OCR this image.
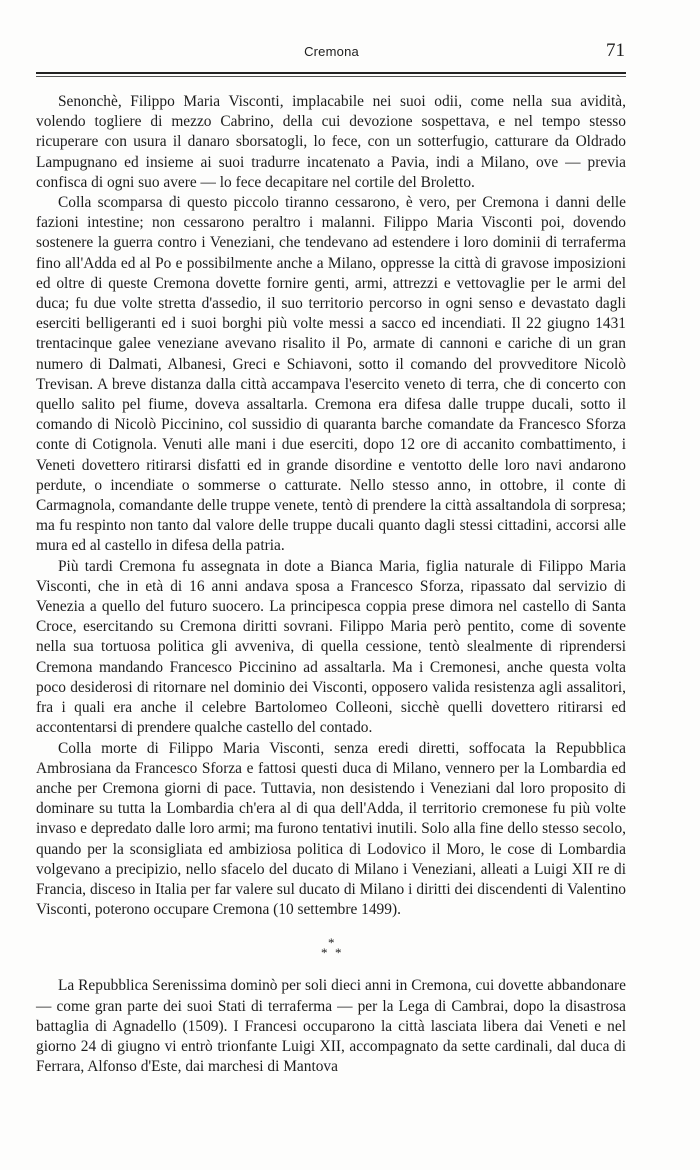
Cremona	71

Senonchè, Filippo Maria Visconti, implacabile nei suoi odii, come nella sua avidità, volendo togliere di mezzo Cabrino, della cui devozione sospettava, e nel tempo stesso ricuperare con usura il danaro sborsatogli, lo fece, con un sotterfugio, catturare da Oldrado Lampugnano ed insieme ai suoi tradurre incatenato a Pavia, indi a Milano, ove — previa confisca di ogni suo avere — lo fece decapitare nel cortile del Broletto.

Colla scomparsa di questo piccolo tiranno cessarono, è vero, per Cremona i danni delle fazioni intestine; non cessarono peraltro i malanni. Filippo Maria Visconti poi, dovendo sostenere la guerra contro i Veneziani, che tendevano ad estendere i loro dominii di terraferma fino all'Adda ed al Po e possibilmente anche a Milano, oppresse la città di gravose imposizioni ed oltre di queste Cremona dovette fornire genti, armi, attrezzi e vettovaglie per le armi del duca; fu due volte stretta d'assedio, il suo territorio percorso in ogni senso e devastato dagli eserciti belligeranti ed i suoi borghi più volte messi a sacco ed incendiati. Il 22 giugno 1431 trentacinque galee veneziane avevano risalito il Po, armate di cannoni e cariche di un gran numero di Dalmati, Albanesi, Greci e Schiavoni, sotto il comando del provveditore Nicolò Trevisan. A breve distanza dalla città accampava l'esercito veneto di terra, che di concerto con quello salito pel fiume, doveva assaltarla. Cremona era difesa dalle truppe ducali, sotto il comando di Nicolò Piccinino, col sussidio di quaranta barche comandate da Francesco Sforza conte di Cotignola. Venuti alle mani i due eserciti, dopo 12 ore di accanito combattimento, i Veneti dovettero ritirarsi disfatti ed in grande disordine e ventotto delle loro navi andarono perdute, o incendiate o sommerse o catturate. Nello stesso anno, in ottobre, il conte di Carmagnola, comandante delle truppe venete, tentò di prendere la città assaltandola di sorpresa; ma fu respinto non tanto dal valore delle truppe ducali quanto dagli stessi cittadini, accorsi alle mura ed al castello in difesa della patria.

Più tardi Cremona fu assegnata in dote a Bianca Maria, figlia naturale di Filippo Maria Visconti, che in età di 16 anni andava sposa a Francesco Sforza, ripassato dal servizio di Venezia a quello del futuro suocero. La principesca coppia prese dimora nel castello di Santa Croce, esercitando su Cremona diritti sovrani. Filippo Maria però pentito, come di sovente nella sua tortuosa politica gli avveniva, di quella cessione, tentò slealmente di riprendersi Cremona mandando Francesco Piccinino ad assaltarla. Ma i Cremonesi, anche questa volta poco desiderosi di ritornare nel dominio dei Visconti, opposero valida resistenza agli assalitori, fra i quali era anche il celebre Bartolomeo Colleoni, sicchè quelli dovettero ritirarsi ed accontentarsi di prendere qualche castello del contado.

Colla morte di Filippo Maria Visconti, senza eredi diretti, soffocata la Repubblica Ambrosiana da Francesco Sforza e fattosi questi duca di Milano, vennero per la Lombardia ed anche per Cremona giorni di pace. Tuttavia, non desistendo i Veneziani dal loro proposito di dominare su tutta la Lombardia ch'era al di qua dell'Adda, il territorio cremonese fu più volte invaso e depredato dalle loro armi; ma furono tentativi inutili. Solo alla fine dello stesso secolo, quando per la sconsigliata ed ambiziosa politica di Lodovico il Moro, le cose di Lombardia volgevano a precipizio, nello sfacelo del ducato di Milano i Veneziani, alleati a Luigi XII re di Francia, disceso in Italia per far valere sul ducato di Milano i diritti dei discendenti di Valentino Visconti, poterono occupare Cremona (10 settembre 1499).

*
* *

La Repubblica Serenissima dominò per soli dieci anni in Cremona, cui dovette abbandonare — come gran parte dei suoi Stati di terraferma — per la Lega di Cambrai, dopo la disastrosa battaglia di Agnadello (1509). I Francesi occuparono la città lasciata libera dai Veneti e nel giorno 24 di giugno vi entrò trionfante Luigi XII, accompagnato da sette cardinali, dal duca di Ferrara, Alfonso d'Este, dai marchesi di Mantova
